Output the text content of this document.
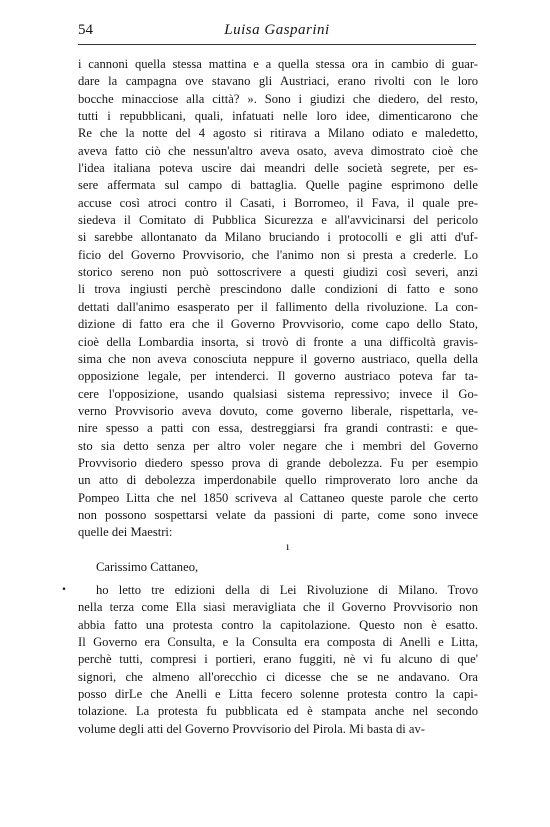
54	Luisa Gasparini
i cannoni quella stessa mattina e a quella stessa ora in cambio di guar-
dare la campagna ove stavano gli Austriaci, erano rivolti con le loro
bocche minacciose alla città? ». Sono i giudizi che diedero, del resto,
tutti i repubblicani, quali, infatuati nelle loro idee, dimenticarono che
Re che la notte del 4 agosto si ritirava a Milano odiato e maledetto,
aveva fatto ciò che nessun'altro aveva osato, aveva dimostrato cioè che
l'idea italiana poteva uscire dai meandri delle società segrete, per es-
sere affermata sul campo di battaglia. Quelle pagine esprimono delle
accuse così atroci contro il Casati, i Borromeo, il Fava, il quale pre-
siedeva il Comitato di Pubblica Sicurezza e all'avvicinarsi del pericolo
si sarebbe allontanato da Milano bruciando i protocolli e gli atti d'uf-
ficio del Governo Provvisorio, che l'animo non si presta a crederle. Lo
storico sereno non può sottoscrivere a questi giudizi così severi, anzi
li trova ingiusti perchè prescindono dalle condizioni di fatto e sono
dettati dall'animo esasperato per il fallimento della rivoluzione. La con-
dizione di fatto era che il Governo Provvisorio, come capo dello Stato,
cioè della Lombardia insorta, si trovò di fronte a una difficoltà gravis-
sima che non aveva conosciuta neppure il governo austriaco, quella della
opposizione legale, per intenderci. Il governo austriaco poteva far ta-
cere l'opposizione, usando qualsiasi sistema repressivo; invece il Go-
verno Provvisorio aveva dovuto, come governo liberale, rispettarla, ve-
nire spesso a patti con essa, destreggiarsi fra grandi contrasti: e que-
sto sia detto senza per altro voler negare che i membri del Governo
Provvisorio diedero spesso prova di grande debolezza. Fu per esempio
un atto di debolezza imperdonabile quello rimproverato loro anche da
Pompeo Litta che nel 1850 scriveva al Cattaneo queste parole che certo
non possono sospettarsi velate da passioni di parte, come sono invece
quelle dei Maestri:
Carissimo Cattaneo,
ho letto tre edizioni della di Lei Rivoluzione di Milano. Trovo
nella terza come Ella siasi meravigliata che il Governo Provvisorio non
abbia fatto una protesta contro la capitolazione. Questo non è esatto.
Il Governo era Consulta, e la Consulta era composta di Anelli e Litta,
perchè tutti, compresi i portieri, erano fuggiti, nè vi fu alcuno di que'
signori, che almeno all'orecchio ci dicesse che se ne andavano. Ora
posso dirLe che Anelli e Litta fecero solenne protesta contro la capi-
tolazione. La protesta fu pubblicata ed è stampata anche nel secondo
volume degli atti del Governo Provvisorio del Pirola. Mi basta di av-
ı
.
